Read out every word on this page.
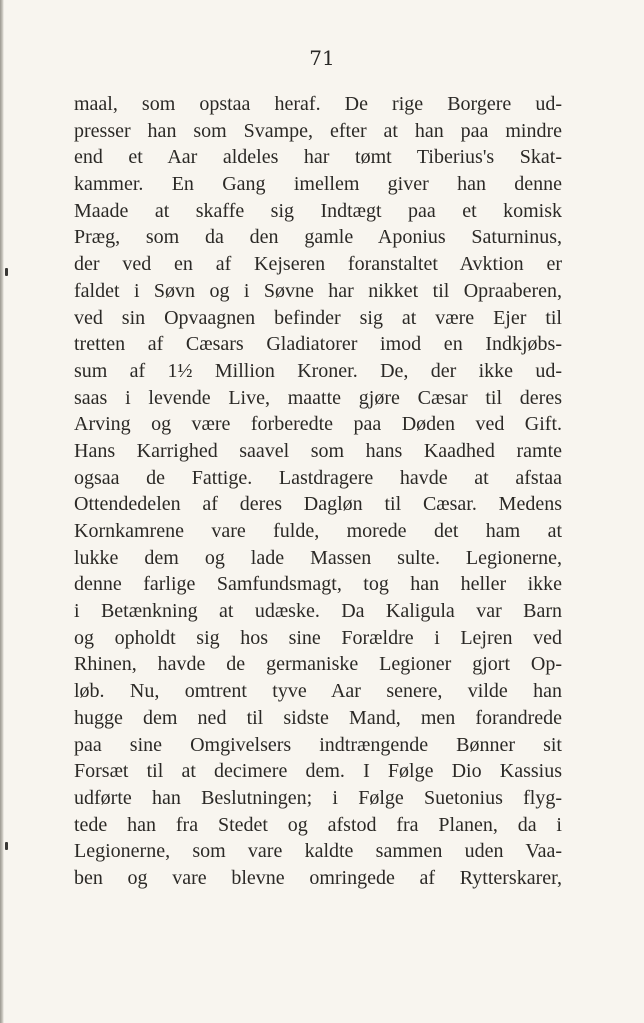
71
maal, som opstaa heraf. De rige Borgere ud-
presser han som Svampe, efter at han paa mindre
end et Aar aldeles har tømt Tiberius's Skat-
kammer. En Gang imellem giver han denne
Maade at skaffe sig Indtægt paa et komisk
Præg, som da den gamle Aponius Saturninus,
der ved en af Kejseren foranstaltet Avktion er
faldet i Søvn og i Søvne har nikket til Opraaberen,
ved sin Opvaagnen befinder sig at være Ejer til
tretten af Cæsars Gladiatorer imod en Indkjøbs-
sum af 1½ Million Kroner. De, der ikke ud-
saas i levende Live, maatte gjøre Cæsar til deres
Arving og være forberedte paa Døden ved Gift.
Hans Karrighed saavel som hans Kaadhed ramte
ogsaa de Fattige. Lastdragere havde at afstaa
Ottendedelen af deres Dagløn til Cæsar. Medens
Kornkamrene vare fulde, morede det ham at
lukke dem og lade Massen sulte. Legionerne,
denne farlige Samfundsmagt, tog han heller ikke
i Betænkning at udæske. Da Kaligula var Barn
og opholdt sig hos sine Forældre i Lejren ved
Rhinen, havde de germaniske Legioner gjort Op-
løb. Nu, omtrent tyve Aar senere, vilde han
hugge dem ned til sidste Mand, men forandrede
paa sine Omgivelsers indtrængende Bønner sit
Forsæt til at decimere dem. I Følge Dio Kassius
udførte han Beslutningen; i Følge Suetonius flyg-
tede han fra Stedet og afstod fra Planen, da i
Legionerne, som vare kaldte sammen uden Vaa-
ben og vare blevne omringede af Rytterskarer,
